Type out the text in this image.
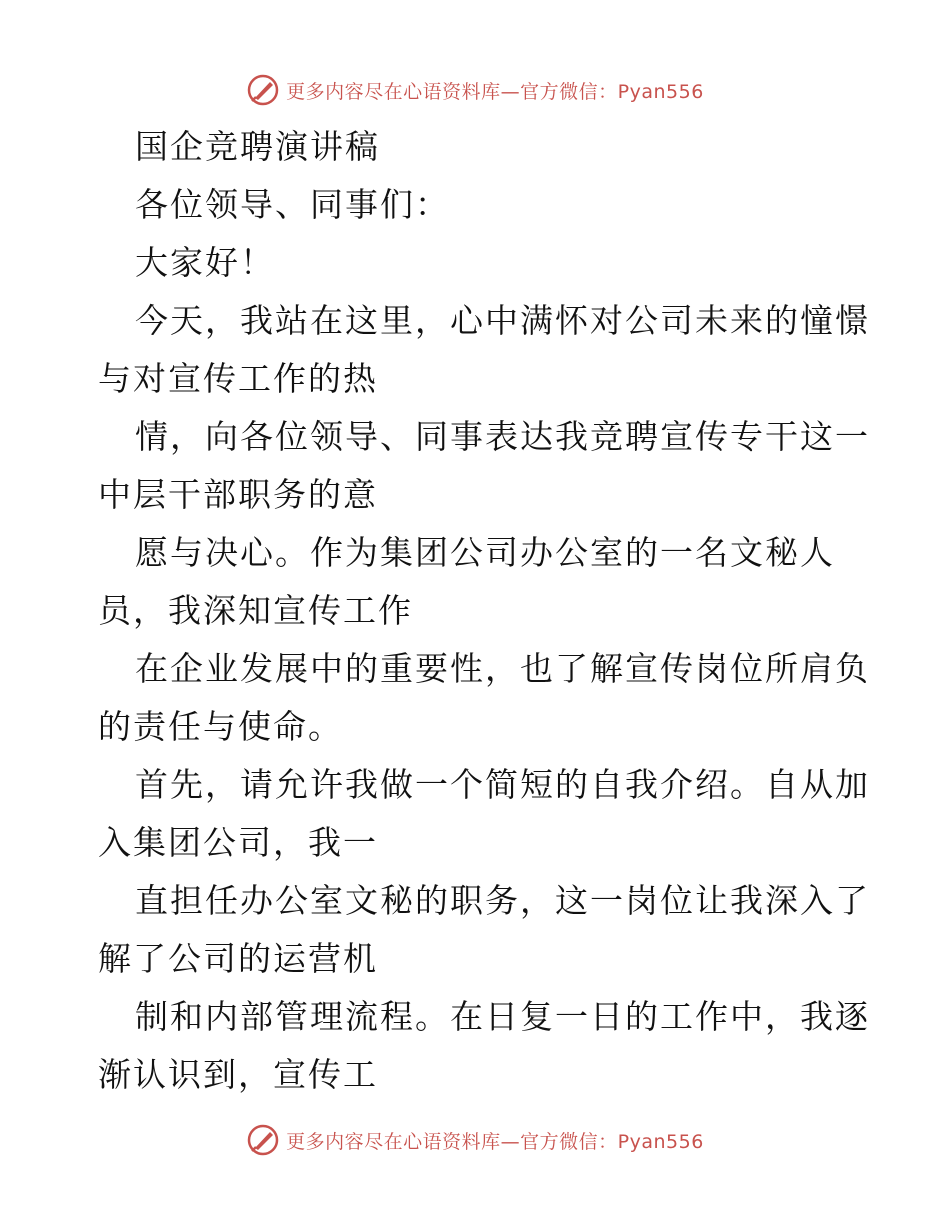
更多内容尽在心语资料库—官方微信：Pyan556
国企竞聘演讲稿
各位领导、同事们：
大家好！
今天，我站在这里，心中满怀对公司未来的憧憬
与对宣传工作的热
情，向各位领导、同事表达我竞聘宣传专干这一
中层干部职务的意
愿与决心。作为集团公司办公室的一名文秘人
员，我深知宣传工作
在企业发展中的重要性，也了解宣传岗位所肩负
的责任与使命。
首先，请允许我做一个简短的自我介绍。自从加
入集团公司，我一
直担任办公室文秘的职务，这一岗位让我深入了
解了公司的运营机
制和内部管理流程。在日复一日的工作中，我逐
渐认识到，宣传工
更多内容尽在心语资料库—官方微信：Pyan556
